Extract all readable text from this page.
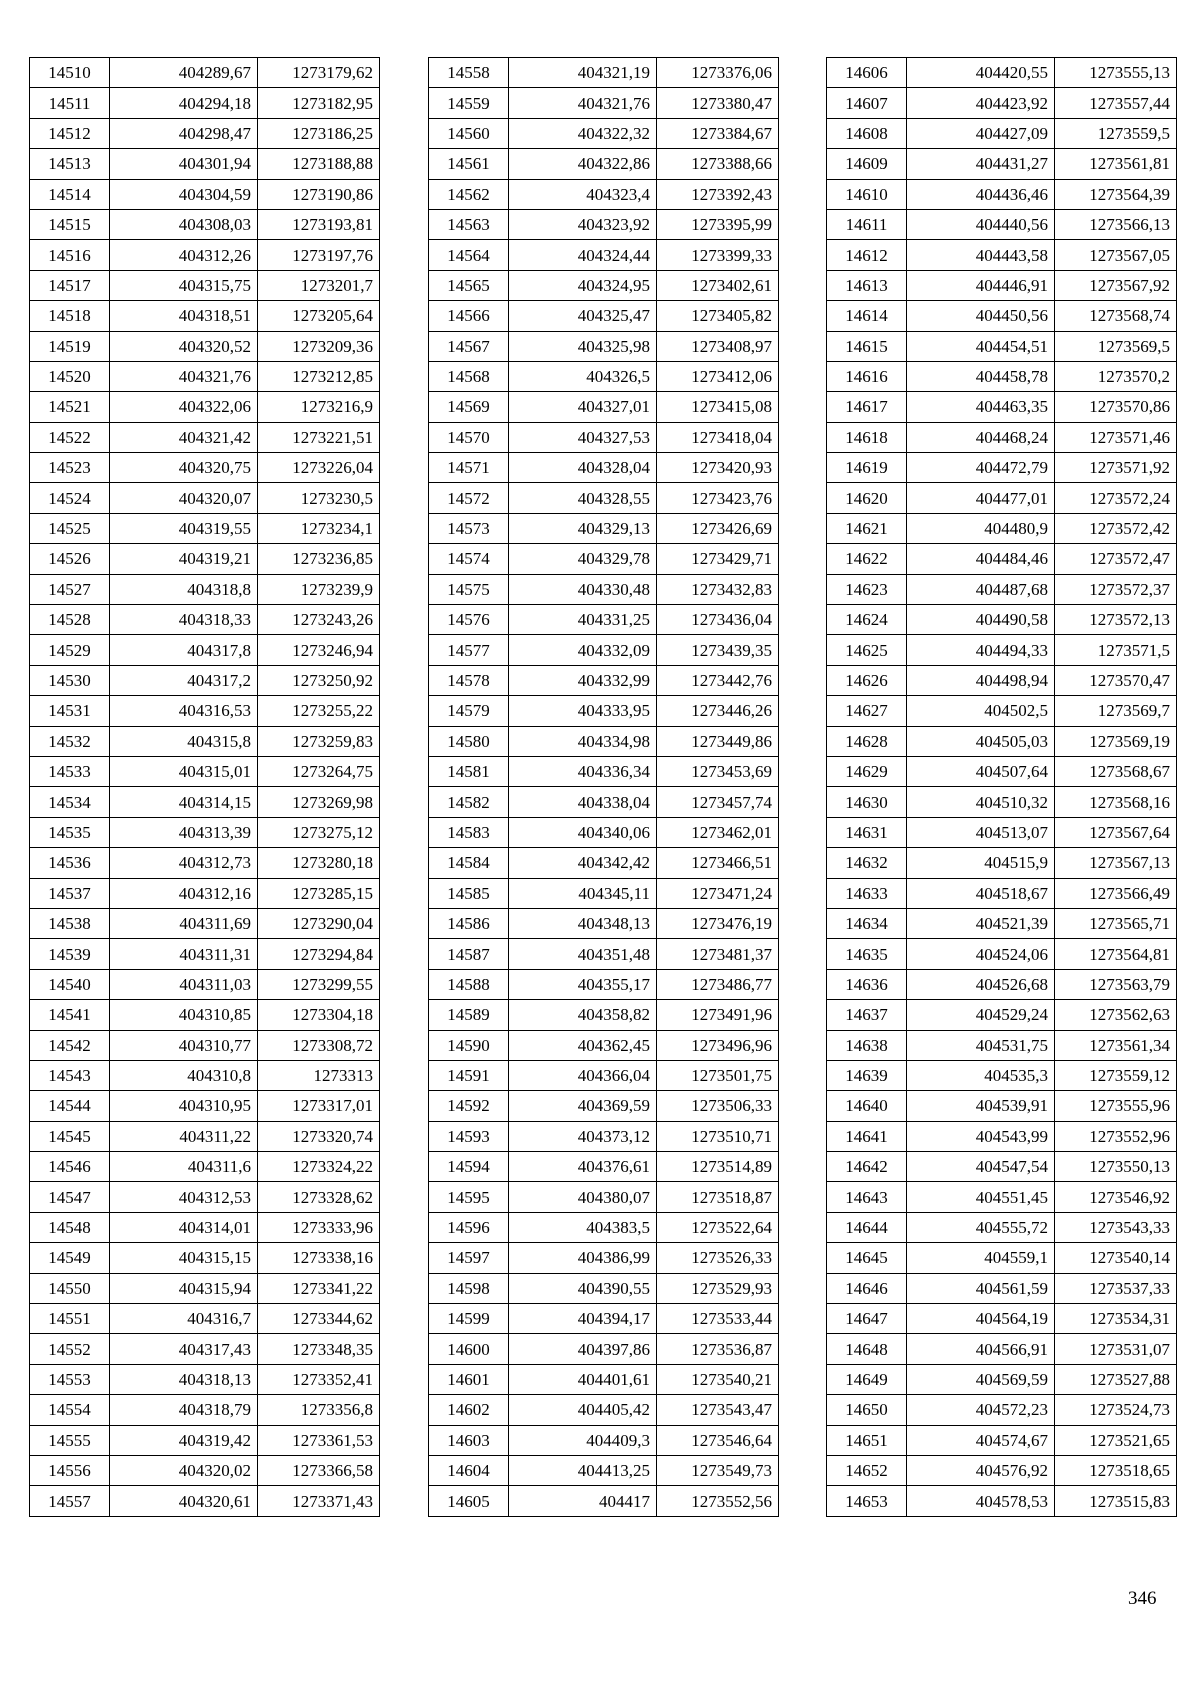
14510	404289,67	1273179,62
14511	404294,18	1273182,95
14512	404298,47	1273186,25
14513	404301,94	1273188,88
14514	404304,59	1273190,86
14515	404308,03	1273193,81
14516	404312,26	1273197,76
14517	404315,75	1273201,7
14518	404318,51	1273205,64
14519	404320,52	1273209,36
14520	404321,76	1273212,85
14521	404322,06	1273216,9
14522	404321,42	1273221,51
14523	404320,75	1273226,04
14524	404320,07	1273230,5
14525	404319,55	1273234,1
14526	404319,21	1273236,85
14527	404318,8	1273239,9
14528	404318,33	1273243,26
14529	404317,8	1273246,94
14530	404317,2	1273250,92
14531	404316,53	1273255,22
14532	404315,8	1273259,83
14533	404315,01	1273264,75
14534	404314,15	1273269,98
14535	404313,39	1273275,12
14536	404312,73	1273280,18
14537	404312,16	1273285,15
14538	404311,69	1273290,04
14539	404311,31	1273294,84
14540	404311,03	1273299,55
14541	404310,85	1273304,18
14542	404310,77	1273308,72
14543	404310,8	1273313
14544	404310,95	1273317,01
14545	404311,22	1273320,74
14546	404311,6	1273324,22
14547	404312,53	1273328,62
14548	404314,01	1273333,96
14549	404315,15	1273338,16
14550	404315,94	1273341,22
14551	404316,7	1273344,62
14552	404317,43	1273348,35
14553	404318,13	1273352,41
14554	404318,79	1273356,8
14555	404319,42	1273361,53
14556	404320,02	1273366,58
14557	404320,61	1273371,43
14558	404321,19	1273376,06
14559	404321,76	1273380,47
14560	404322,32	1273384,67
14561	404322,86	1273388,66
14562	404323,4	1273392,43
14563	404323,92	1273395,99
14564	404324,44	1273399,33
14565	404324,95	1273402,61
14566	404325,47	1273405,82
14567	404325,98	1273408,97
14568	404326,5	1273412,06
14569	404327,01	1273415,08
14570	404327,53	1273418,04
14571	404328,04	1273420,93
14572	404328,55	1273423,76
14573	404329,13	1273426,69
14574	404329,78	1273429,71
14575	404330,48	1273432,83
14576	404331,25	1273436,04
14577	404332,09	1273439,35
14578	404332,99	1273442,76
14579	404333,95	1273446,26
14580	404334,98	1273449,86
14581	404336,34	1273453,69
14582	404338,04	1273457,74
14583	404340,06	1273462,01
14584	404342,42	1273466,51
14585	404345,11	1273471,24
14586	404348,13	1273476,19
14587	404351,48	1273481,37
14588	404355,17	1273486,77
14589	404358,82	1273491,96
14590	404362,45	1273496,96
14591	404366,04	1273501,75
14592	404369,59	1273506,33
14593	404373,12	1273510,71
14594	404376,61	1273514,89
14595	404380,07	1273518,87
14596	404383,5	1273522,64
14597	404386,99	1273526,33
14598	404390,55	1273529,93
14599	404394,17	1273533,44
14600	404397,86	1273536,87
14601	404401,61	1273540,21
14602	404405,42	1273543,47
14603	404409,3	1273546,64
14604	404413,25	1273549,73
14605	404417	1273552,56
14606	404420,55	1273555,13
14607	404423,92	1273557,44
14608	404427,09	1273559,5
14609	404431,27	1273561,81
14610	404436,46	1273564,39
14611	404440,56	1273566,13
14612	404443,58	1273567,05
14613	404446,91	1273567,92
14614	404450,56	1273568,74
14615	404454,51	1273569,5
14616	404458,78	1273570,2
14617	404463,35	1273570,86
14618	404468,24	1273571,46
14619	404472,79	1273571,92
14620	404477,01	1273572,24
14621	404480,9	1273572,42
14622	404484,46	1273572,47
14623	404487,68	1273572,37
14624	404490,58	1273572,13
14625	404494,33	1273571,5
14626	404498,94	1273570,47
14627	404502,5	1273569,7
14628	404505,03	1273569,19
14629	404507,64	1273568,67
14630	404510,32	1273568,16
14631	404513,07	1273567,64
14632	404515,9	1273567,13
14633	404518,67	1273566,49
14634	404521,39	1273565,71
14635	404524,06	1273564,81
14636	404526,68	1273563,79
14637	404529,24	1273562,63
14638	404531,75	1273561,34
14639	404535,3	1273559,12
14640	404539,91	1273555,96
14641	404543,99	1273552,96
14642	404547,54	1273550,13
14643	404551,45	1273546,92
14644	404555,72	1273543,33
14645	404559,1	1273540,14
14646	404561,59	1273537,33
14647	404564,19	1273534,31
14648	404566,91	1273531,07
14649	404569,59	1273527,88
14650	404572,23	1273524,73
14651	404574,67	1273521,65
14652	404576,92	1273518,65
14653	404578,53	1273515,83
346
